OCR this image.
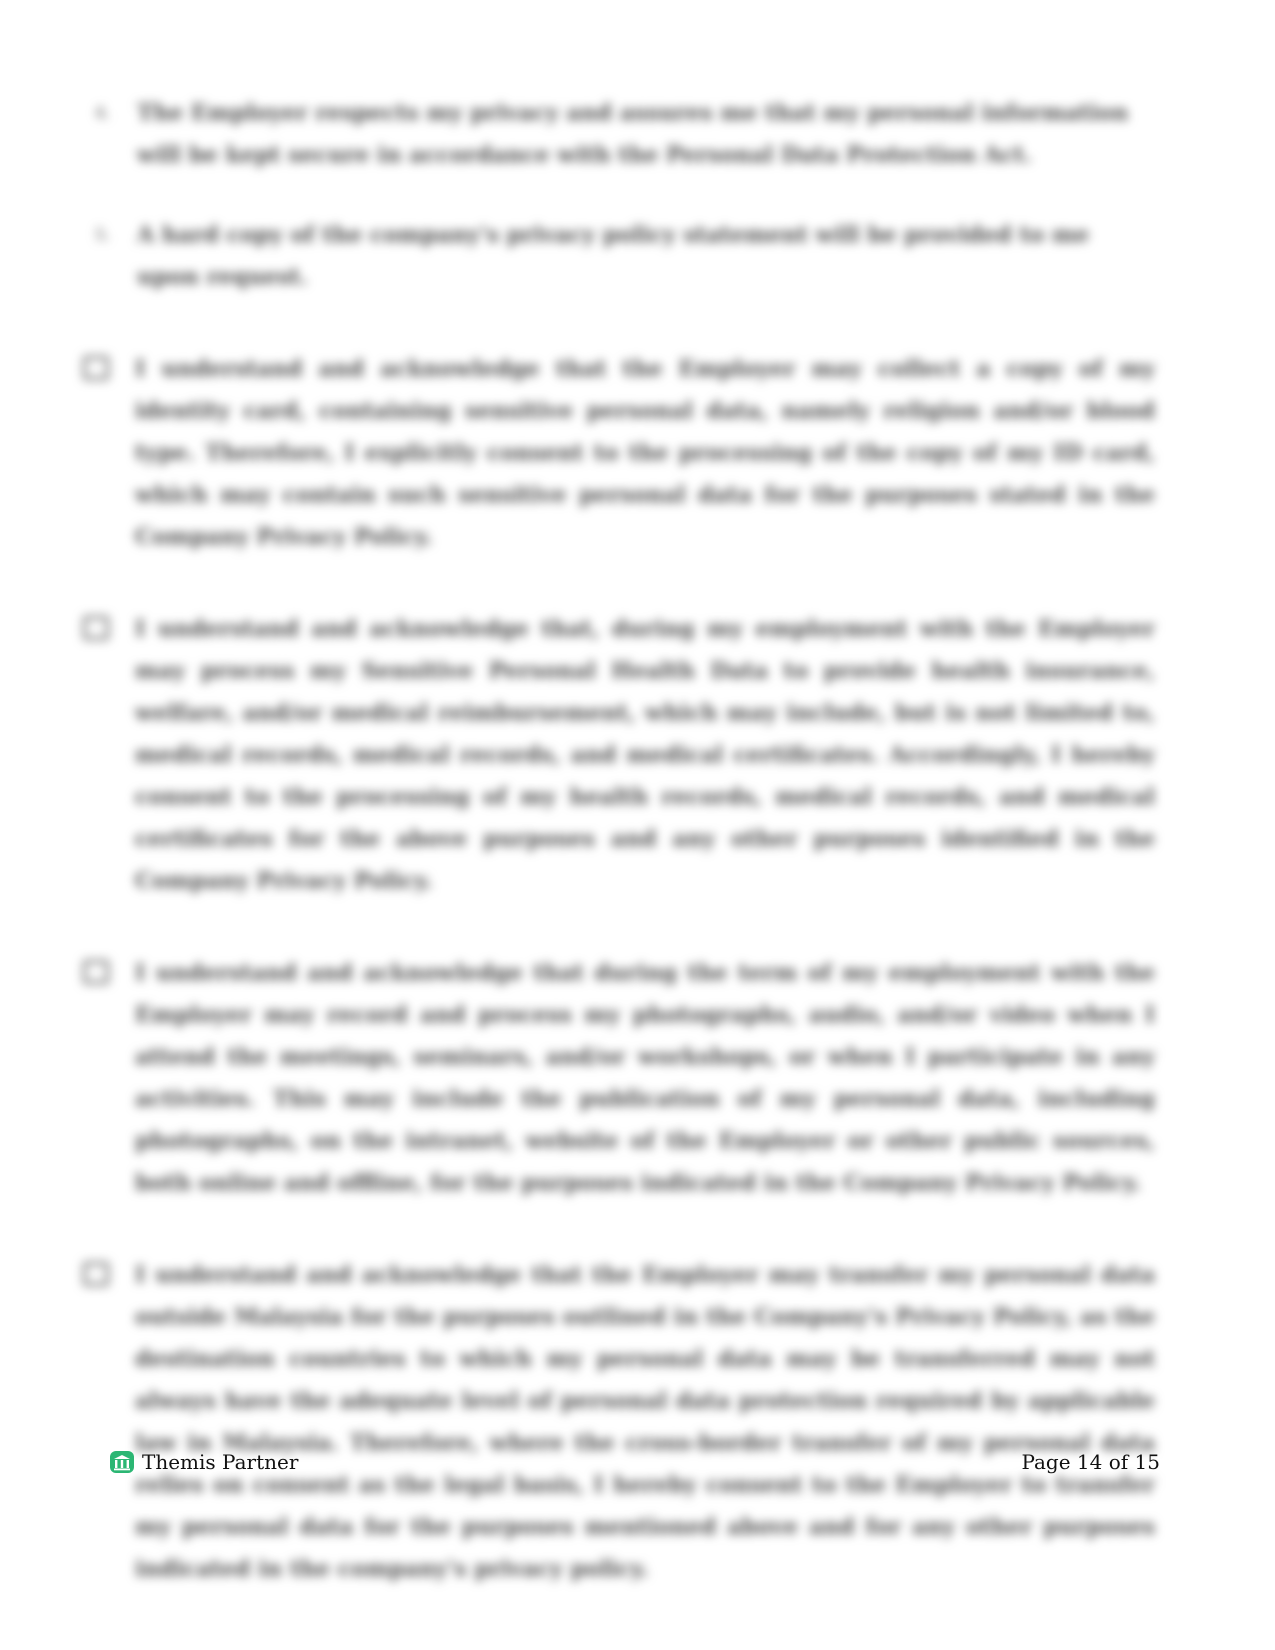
4.	The Employer respects my privacy and assures me that my personal information will be kept secure in accordance with the Personal Data Protection Act.
5.	A hard copy of the company's privacy policy statement will be provided to me upon request.
I understand and acknowledge that the Employer may collect a copy of my identity card, containing sensitive personal data, namely religion and/or blood type. Therefore, I explicitly consent to the processing of the copy of my ID card, which may contain such sensitive personal data for the purposes stated in the Company Privacy Policy.
I understand and acknowledge that, during my employment with the Employer may process my Sensitive Personal Health Data to provide health insurance, welfare, and/or medical reimbursement, which may include, but is not limited to, medical records, medical records, and medical certificates. Accordingly, I hereby consent to the processing of my health records, medical records, and medical certificates for the above purposes and any other purposes identified in the Company Privacy Policy.
I understand and acknowledge that during the term of my employment with the Employer may record and process my photographs, audio, and/or video when I attend the meetings, seminars, and/or workshops, or when I participate in any activities. This may include the publication of my personal data, including photographs, on the intranet, website of the Employer or other public sources, both online and offline, for the purposes indicated in the Company Privacy Policy.
I understand and acknowledge that the Employer may transfer my personal data outside Malaysia for the purposes outlined in the Company's Privacy Policy, as the destination countries to which my personal data may be transferred may not always have the adequate level of personal data protection required by applicable law in Malaysia. Therefore, where the cross-border transfer of my personal data relies on consent as the legal basis, I hereby consent to the Employer to transfer my personal data for the purposes mentioned above and for any other purposes indicated in the company's privacy policy.
Themis Partner	Page 14 of 15
